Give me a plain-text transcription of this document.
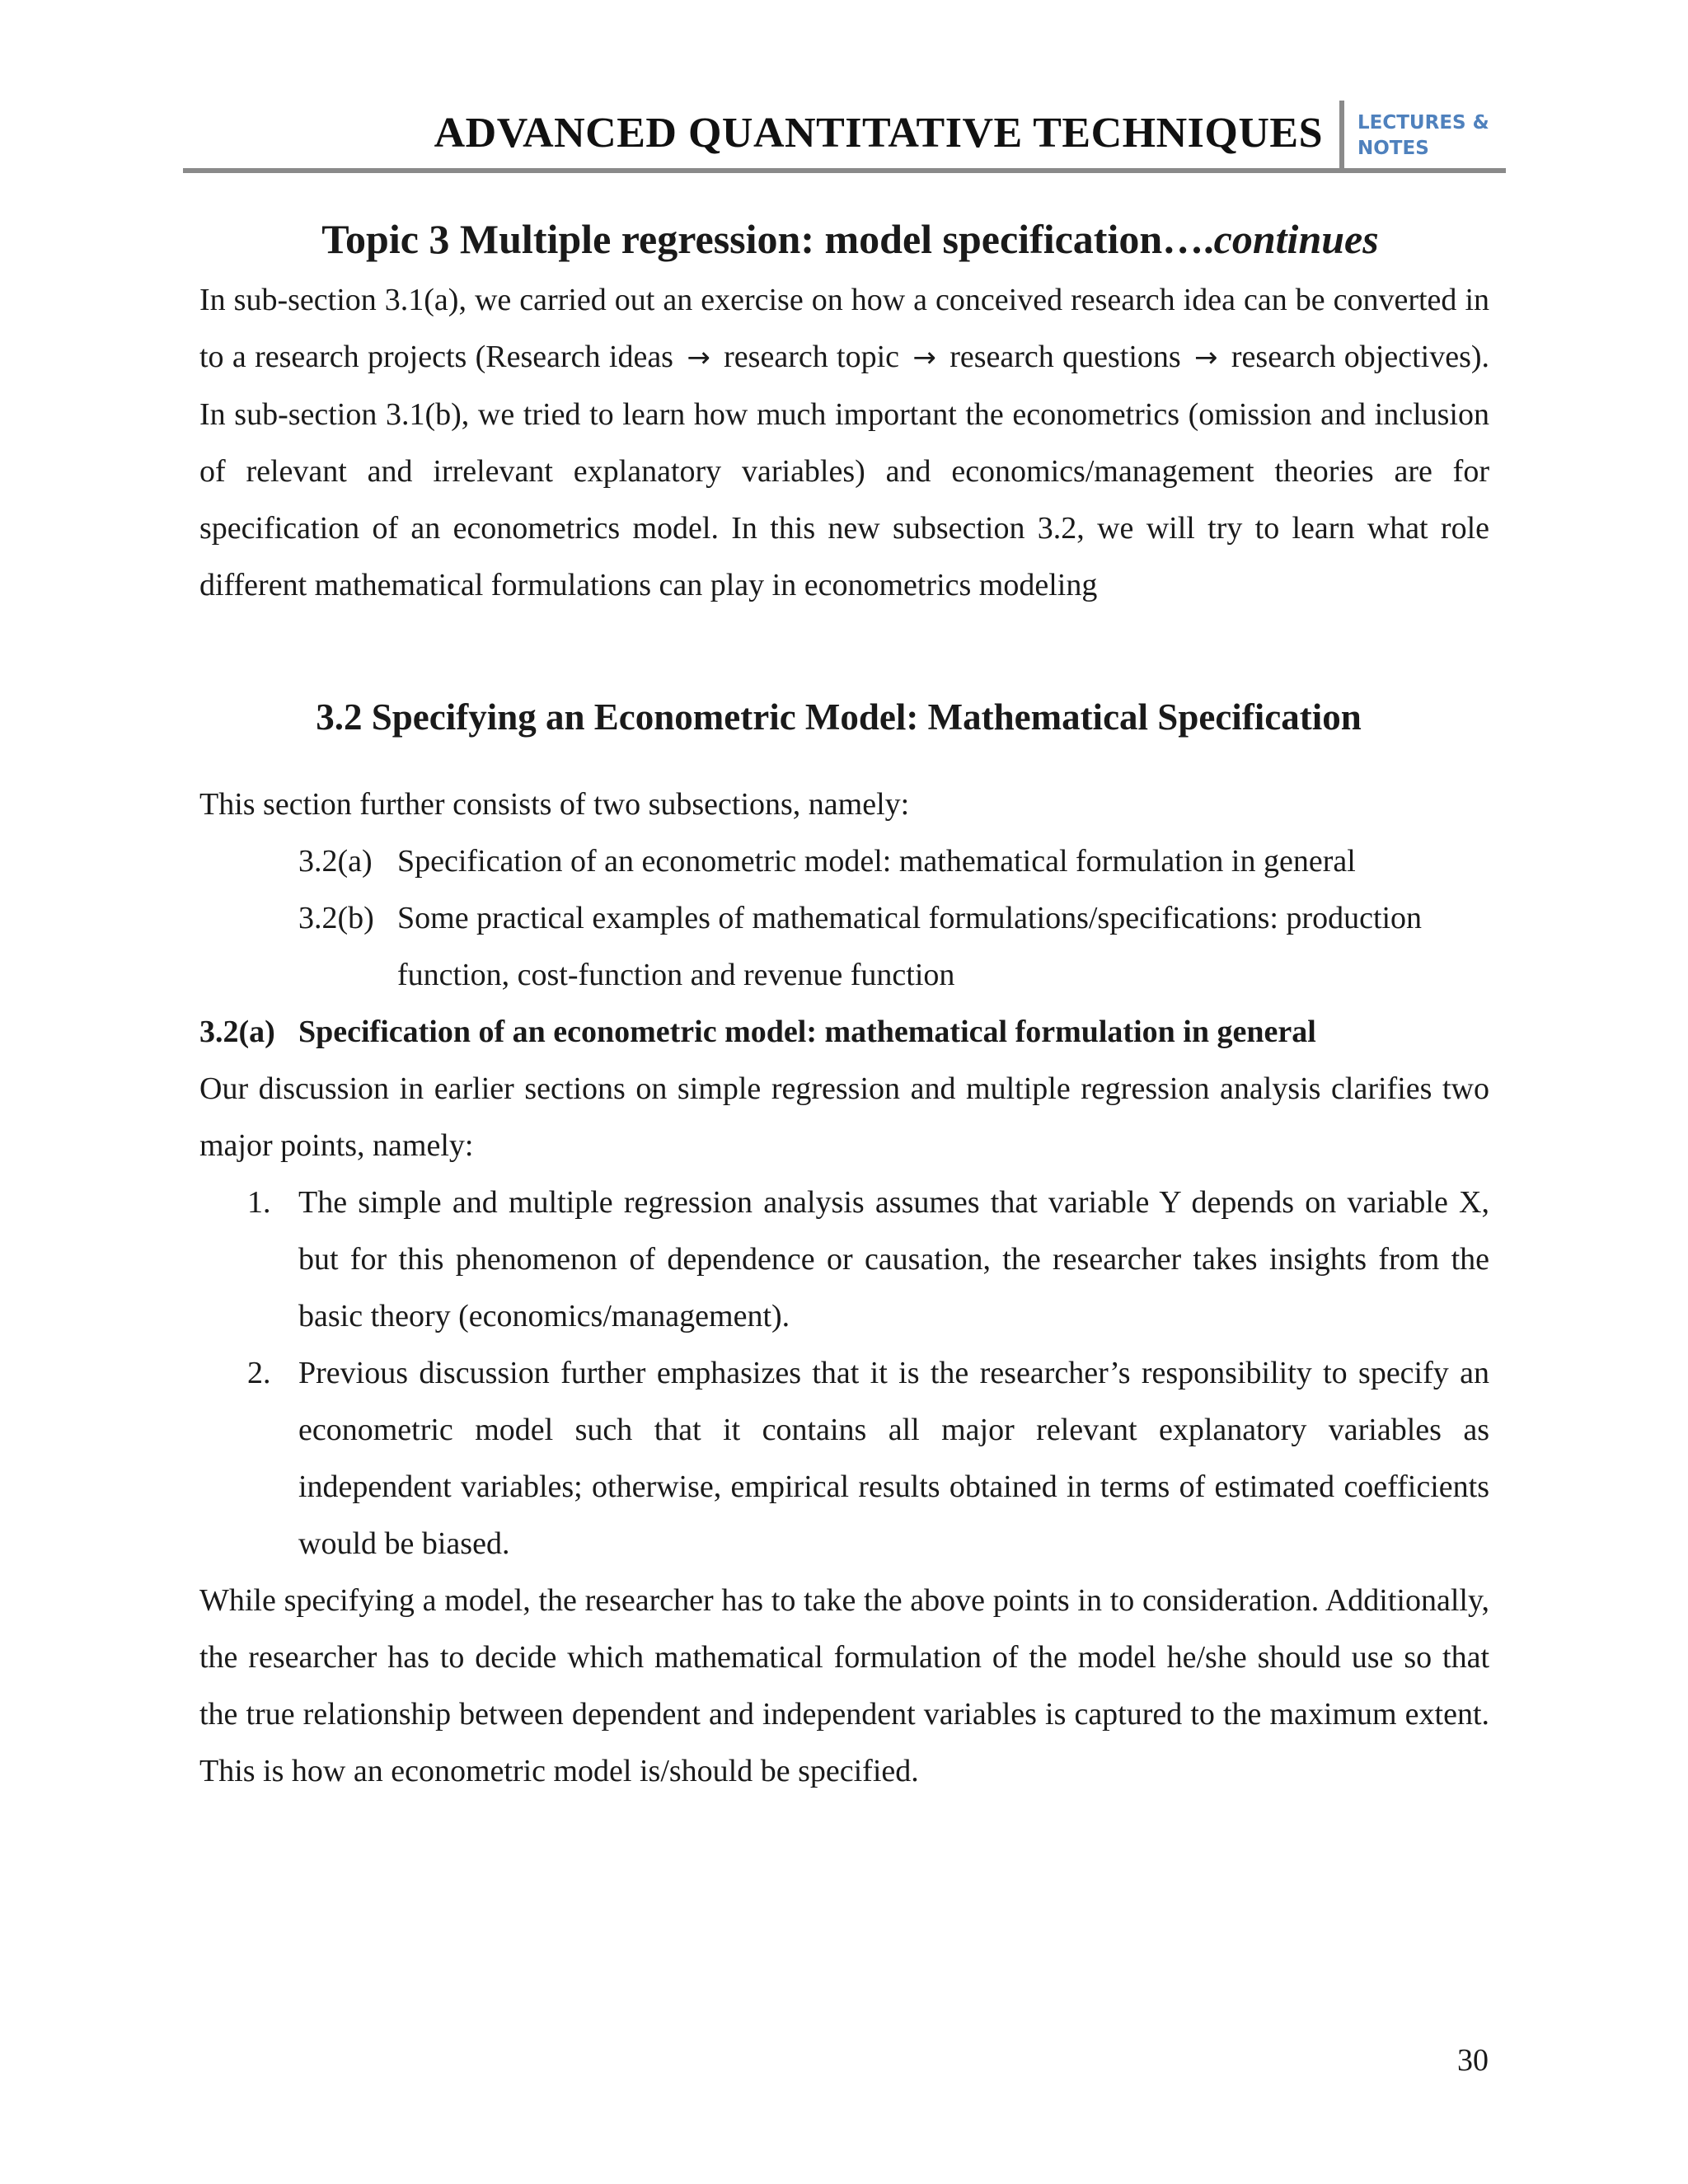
ADVANCED QUANTITATIVE TECHNIQUES LECTURES &
NOTES
Topic 3 Multiple regression: model specification….continues

In sub-section 3.1(a), we carried out an exercise on how a conceived research idea can be converted in to a research projects (Research ideas → research topic → research questions → research objectives). In sub-section 3.1(b), we tried to learn how much important the econometrics (omission and inclusion of relevant and irrelevant explanatory variables) and economics/management theories are for specification of an econometrics model. In this new subsection 3.2, we will try to learn what role different mathematical formulations can play in econometrics modeling

3.2 Specifying an Econometric Model: Mathematical Specification

This section further consists of two subsections, namely:

3.2(a) Specification of an econometric model: mathematical formulation in general
3.2(b) Some practical examples of mathematical formulations/specifications: production function, cost-function and revenue function
3.2(a) Specification of an econometric model: mathematical formulation in general

Our discussion in earlier sections on simple regression and multiple regression analysis clarifies two major points, namely:

1. The simple and multiple regression analysis assumes that variable Y depends on variable X, but for this phenomenon of dependence or causation, the researcher takes insights from the basic theory (economics/management).
2. Previous discussion further emphasizes that it is the researcher’s responsibility to specify an econometric model such that it contains all major relevant explanatory variables as independent variables; otherwise, empirical results obtained in terms of estimated coefficients would be biased.

While specifying a model, the researcher has to take the above points in to consideration. Additionally, the researcher has to decide which mathematical formulation of the model he/she should use so that the true relationship between dependent and independent variables is captured to the maximum extent. This is how an econometric model is/should be specified.

30
